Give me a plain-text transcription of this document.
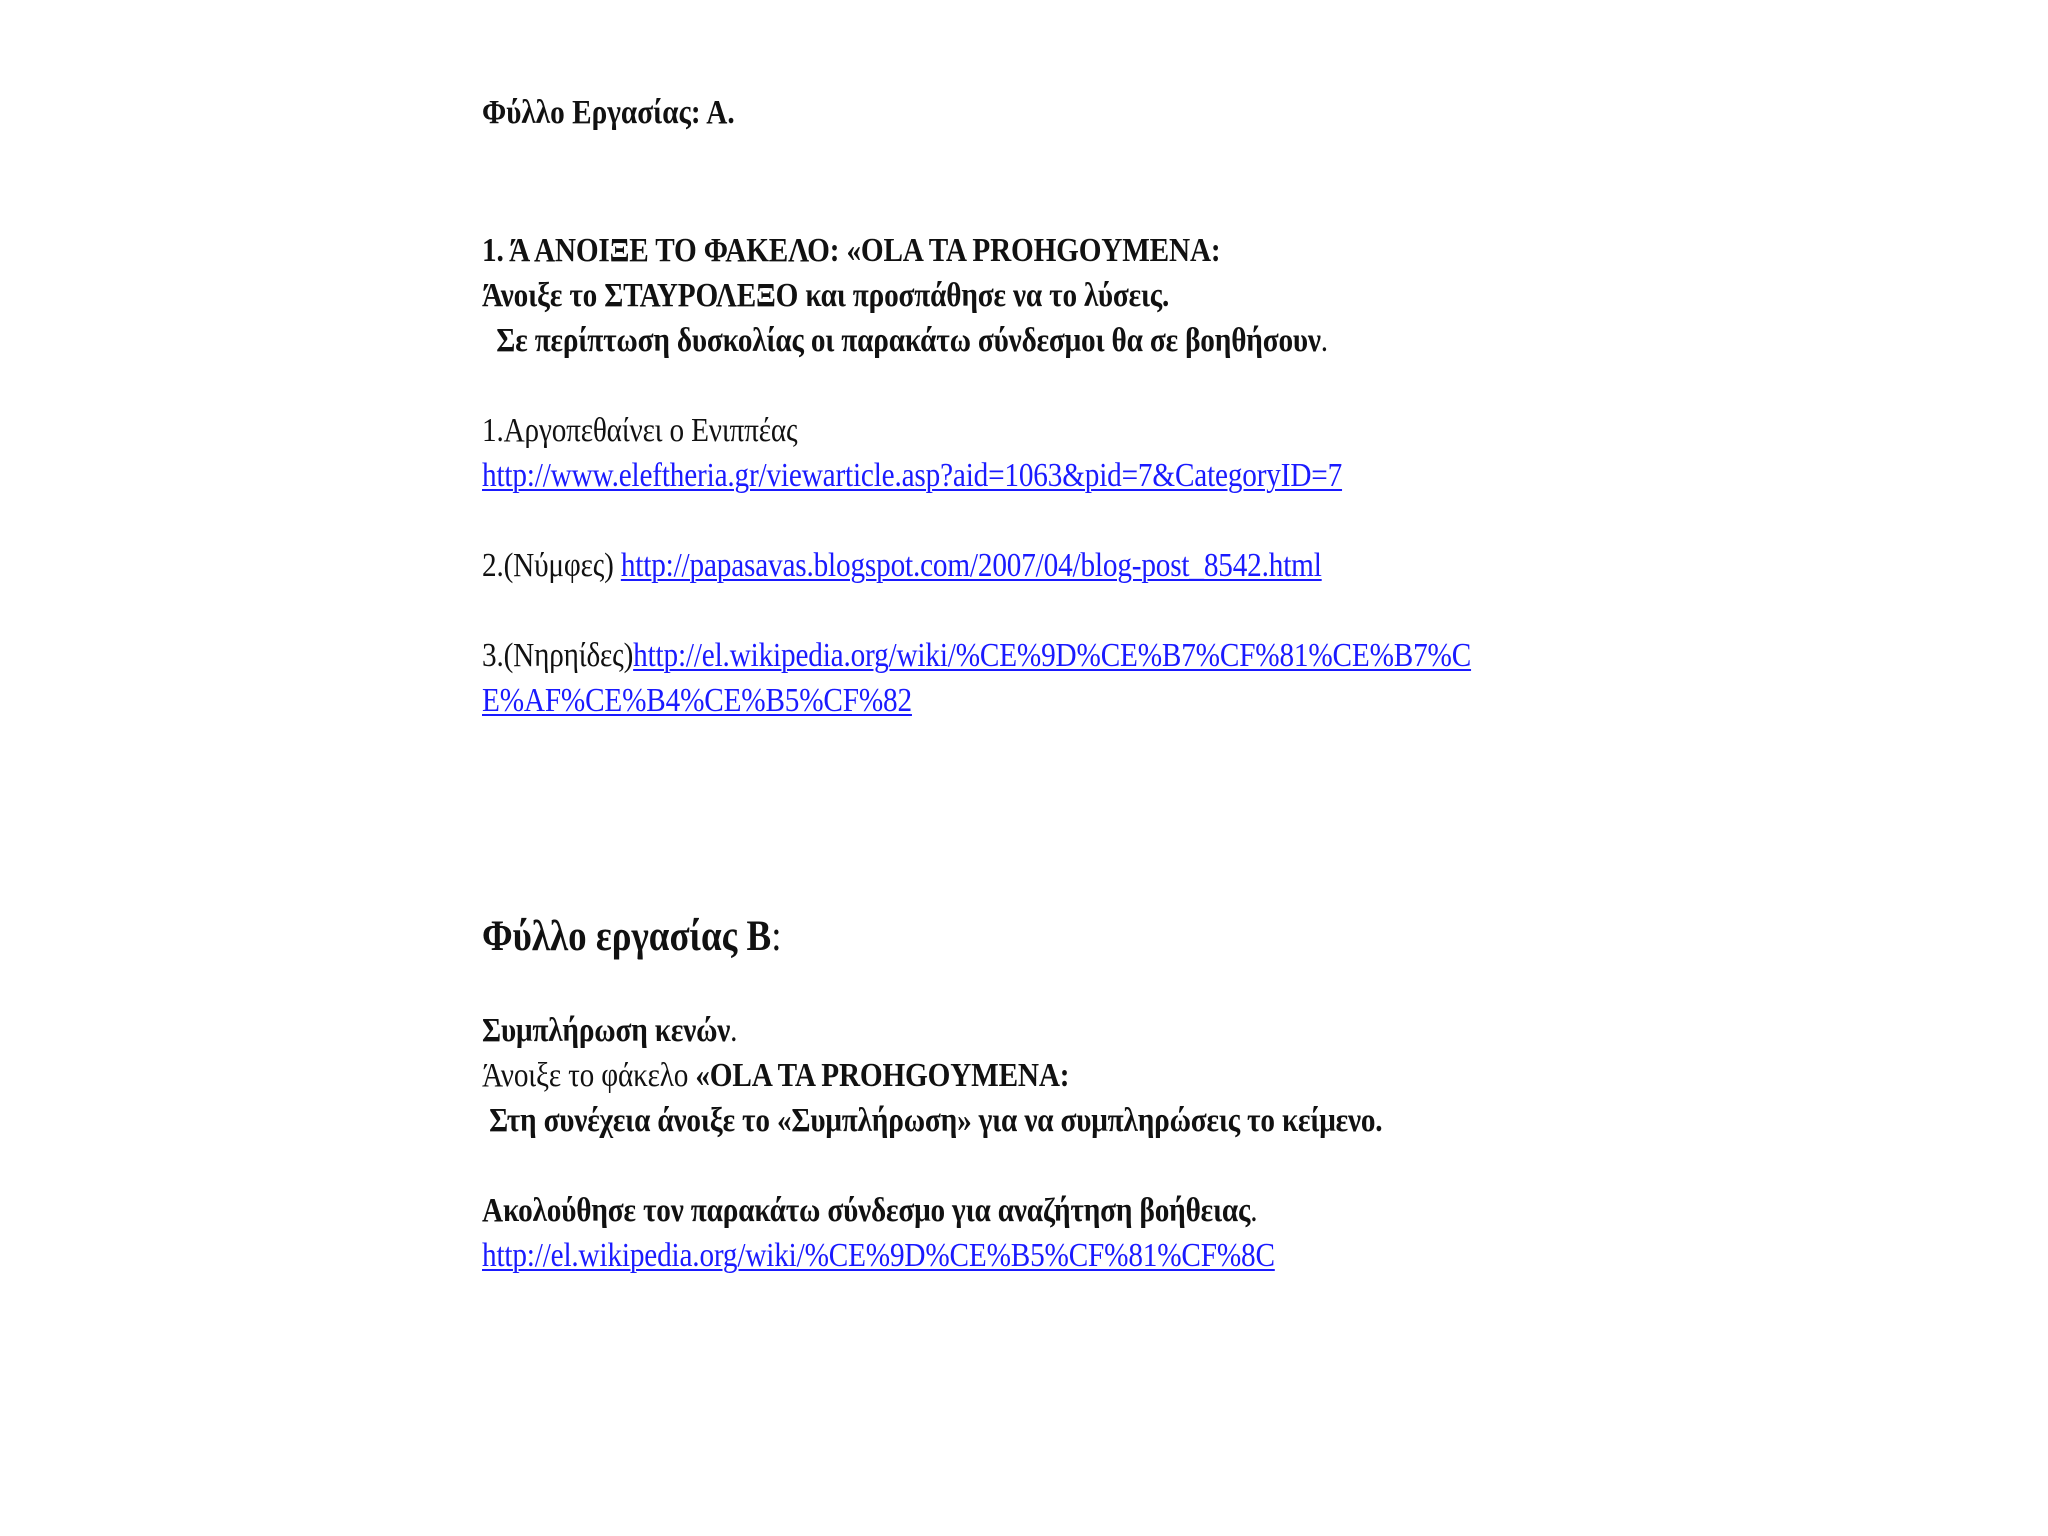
Φύλλο Εργασίας: Α.
1. Ά ΑΝΟΙΞΕ ΤΟ ΦΑΚΕΛΟ: «OLA TA PROHGOYMENA:
Άνοιξε το ΣΤΑΥΡΟΛΕΞΟ και προσπάθησε να το λύσεις.
Σε περίπτωση δυσκολίας οι παρακάτω σύνδεσμοι θα σε βοηθήσουν.
1.Αργοπεθαίνει ο Ενιππέας
http://www.eleftheria.gr/viewarticle.asp?aid=1063&pid=7&CategoryID=7
2.(Νύμφες) http://papasavas.blogspot.com/2007/04/blog-post_8542.html
3.(Νηρηίδες)http://el.wikipedia.org/wiki/%CE%9D%CE%B7%CF%81%CE%B7%C
E%AF%CE%B4%CE%B5%CF%82
Φύλλο εργασίας Β:
Συμπλήρωση κενών.
Άνοιξε το φάκελο «OLA TA PROHGOYMENA:
Στη συνέχεια άνοιξε το «Συμπλήρωση» για να συμπληρώσεις το κείμενο.
Ακολούθησε τον παρακάτω σύνδεσμο για αναζήτηση βοήθειας.
http://el.wikipedia.org/wiki/%CE%9D%CE%B5%CF%81%CF%8C
